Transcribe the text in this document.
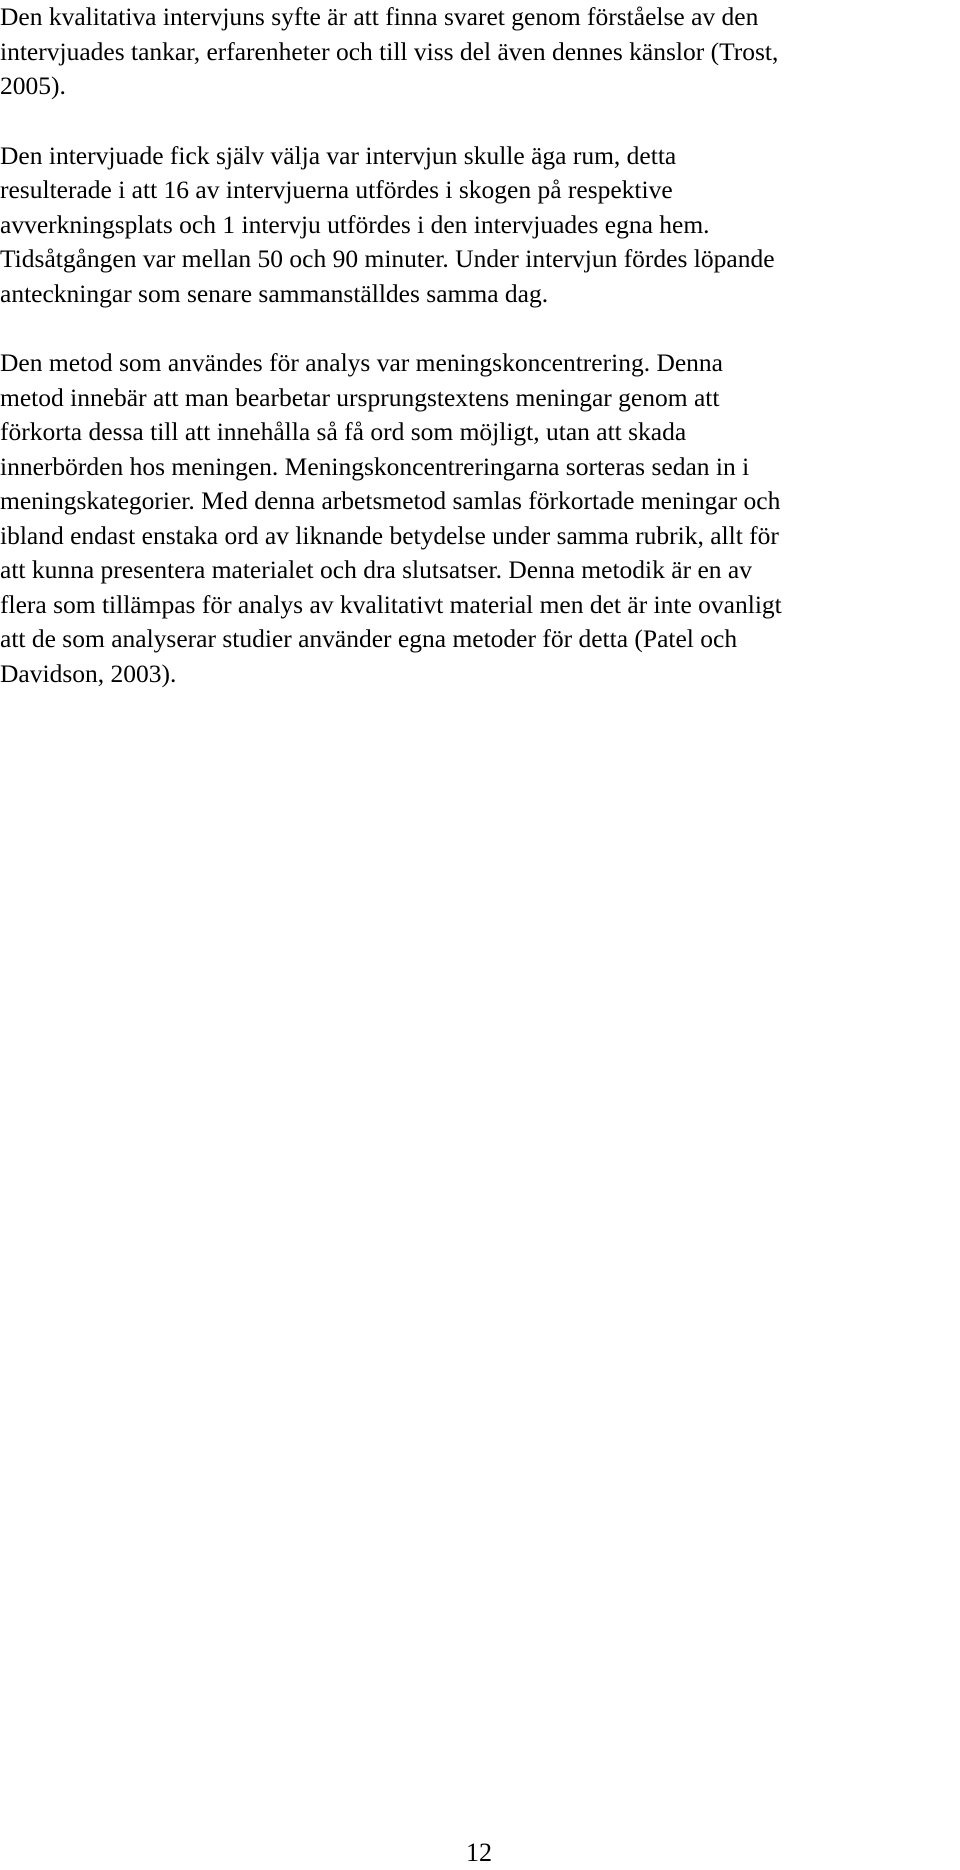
Den kvalitativa intervjuns syfte är att finna svaret genom förståelse av den
intervjuades tankar, erfarenheter och till viss del även dennes känslor (Trost,
2005).

Den intervjuade fick själv välja var intervjun skulle äga rum, detta
resulterade i att 16 av intervjuerna utfördes i skogen på respektive
avverkningsplats och 1 intervju utfördes i den intervjuades egna hem.
Tidsåtgången var mellan 50 och 90 minuter. Under intervjun fördes löpande
anteckningar som senare sammanställdes samma dag.

Den metod som användes för analys var meningskoncentrering. Denna
metod innebär att man bearbetar ursprungstextens meningar genom att
förkorta dessa till att innehålla så få ord som möjligt, utan att skada
innerbörden hos meningen. Meningskoncentreringarna sorteras sedan in i
meningskategorier. Med denna arbetsmetod samlas förkortade meningar och
ibland endast enstaka ord av liknande betydelse under samma rubrik, allt för
att kunna presentera materialet och dra slutsatser. Denna metodik är en av
flera som tillämpas för analys av kvalitativt material men det är inte ovanligt
att de som analyserar studier använder egna metoder för detta (Patel och
Davidson, 2003).

12
